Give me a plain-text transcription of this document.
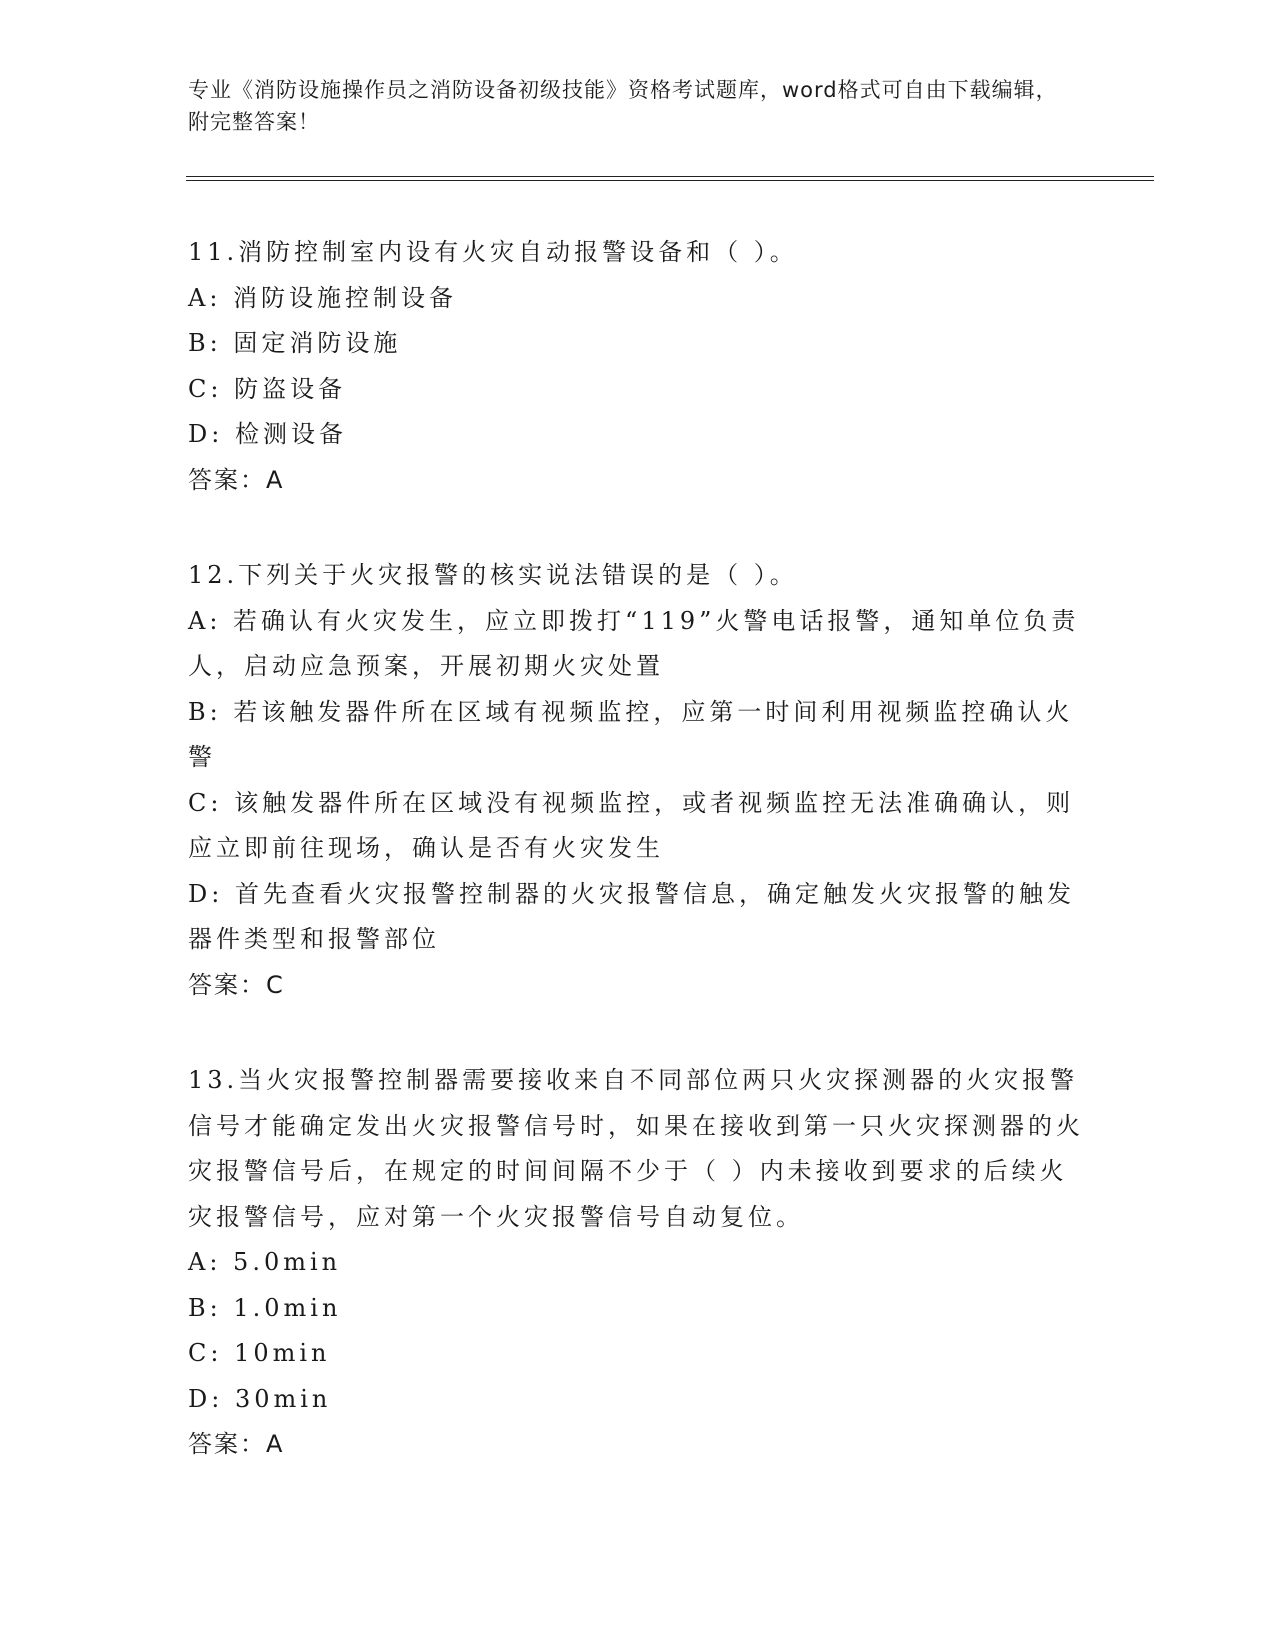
专业《消防设施操作员之消防设备初级技能》资格考试题库，word格式可自由下载编辑，附完整答案！
11.消防控制室内设有火灾自动报警设备和（ ）。
A: 消防设施控制设备
B: 固定消防设施
C: 防盗设备
D: 检测设备
答案：A
12.下列关于火灾报警的核实说法错误的是（ ）。
A: 若确认有火灾发生，应立即拨打“119”火警电话报警，通知单位负责人，启动应急预案，开展初期火灾处置
B: 若该触发器件所在区域有视频监控，应第一时间利用视频监控确认火警
C: 该触发器件所在区域没有视频监控，或者视频监控无法准确确认，则应立即前往现场，确认是否有火灾发生
D: 首先查看火灾报警控制器的火灾报警信息，确定触发火灾报警的触发器件类型和报警部位
答案：C
13.当火灾报警控制器需要接收来自不同部位两只火灾探测器的火灾报警信号才能确定发出火灾报警信号时，如果在接收到第一只火灾探测器的火灾报警信号后，在规定的时间间隔不少于（ ）内未接收到要求的后续火灾报警信号，应对第一个火灾报警信号自动复位。
A: 5.0min
B: 1.0min
C: 10min
D: 30min
答案：A
